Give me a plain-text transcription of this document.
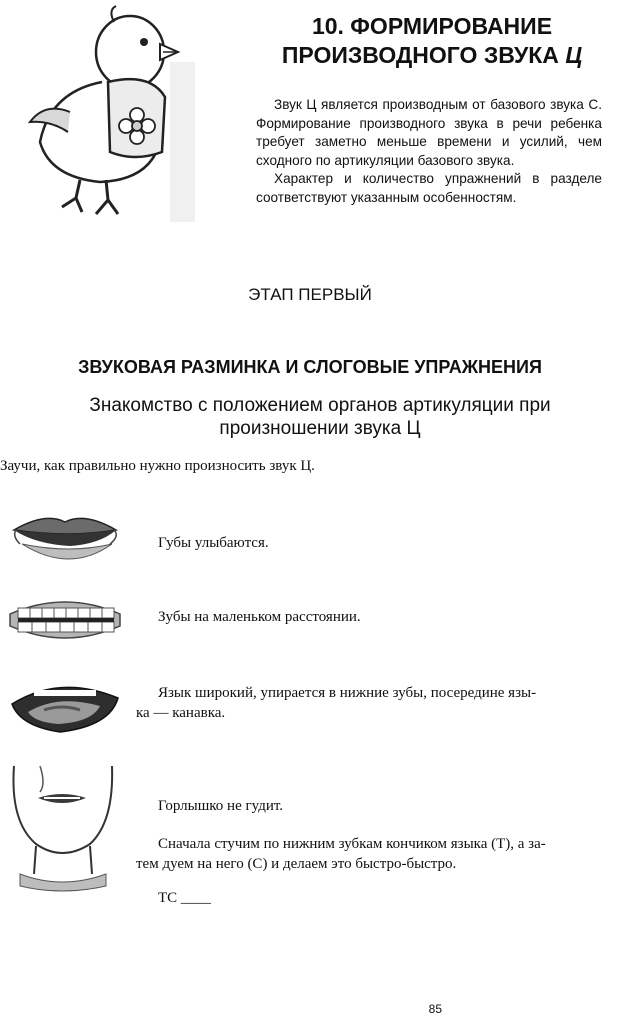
10. ФОРМИРОВАНИЕ
ПРОИЗВОДНОГО ЗВУКА Ц

Звук Ц является производным от базового звука С. Формирование производного звука в речи ребенка требует заметно меньше времени и усилий, чем сходного по артикуляции базового звука.

Характер и количество упражнений в разделе соответствуют указанным особенностям.

ЭТАП ПЕРВЫЙ
ЗВУКОВАЯ РАЗМИНКА И СЛОГОВЫЕ УПРАЖНЕНИЯ
Знакомство с положением органов артикуляции при
произношении звука Ц
Заучи, как правильно нужно произносить звук Ц.
Губы улыбаются.
Зубы на маленьком расстоянии.
Язык широкий, упирается в нижние зубы, посередине язы-
ка — канавка.
Горлышко не гудит.
Сначала стучим по нижним зубкам кончиком языка (Т), а за-
тем дуем на него (С) и делаем это быстро-быстро.
ТС ____
85
